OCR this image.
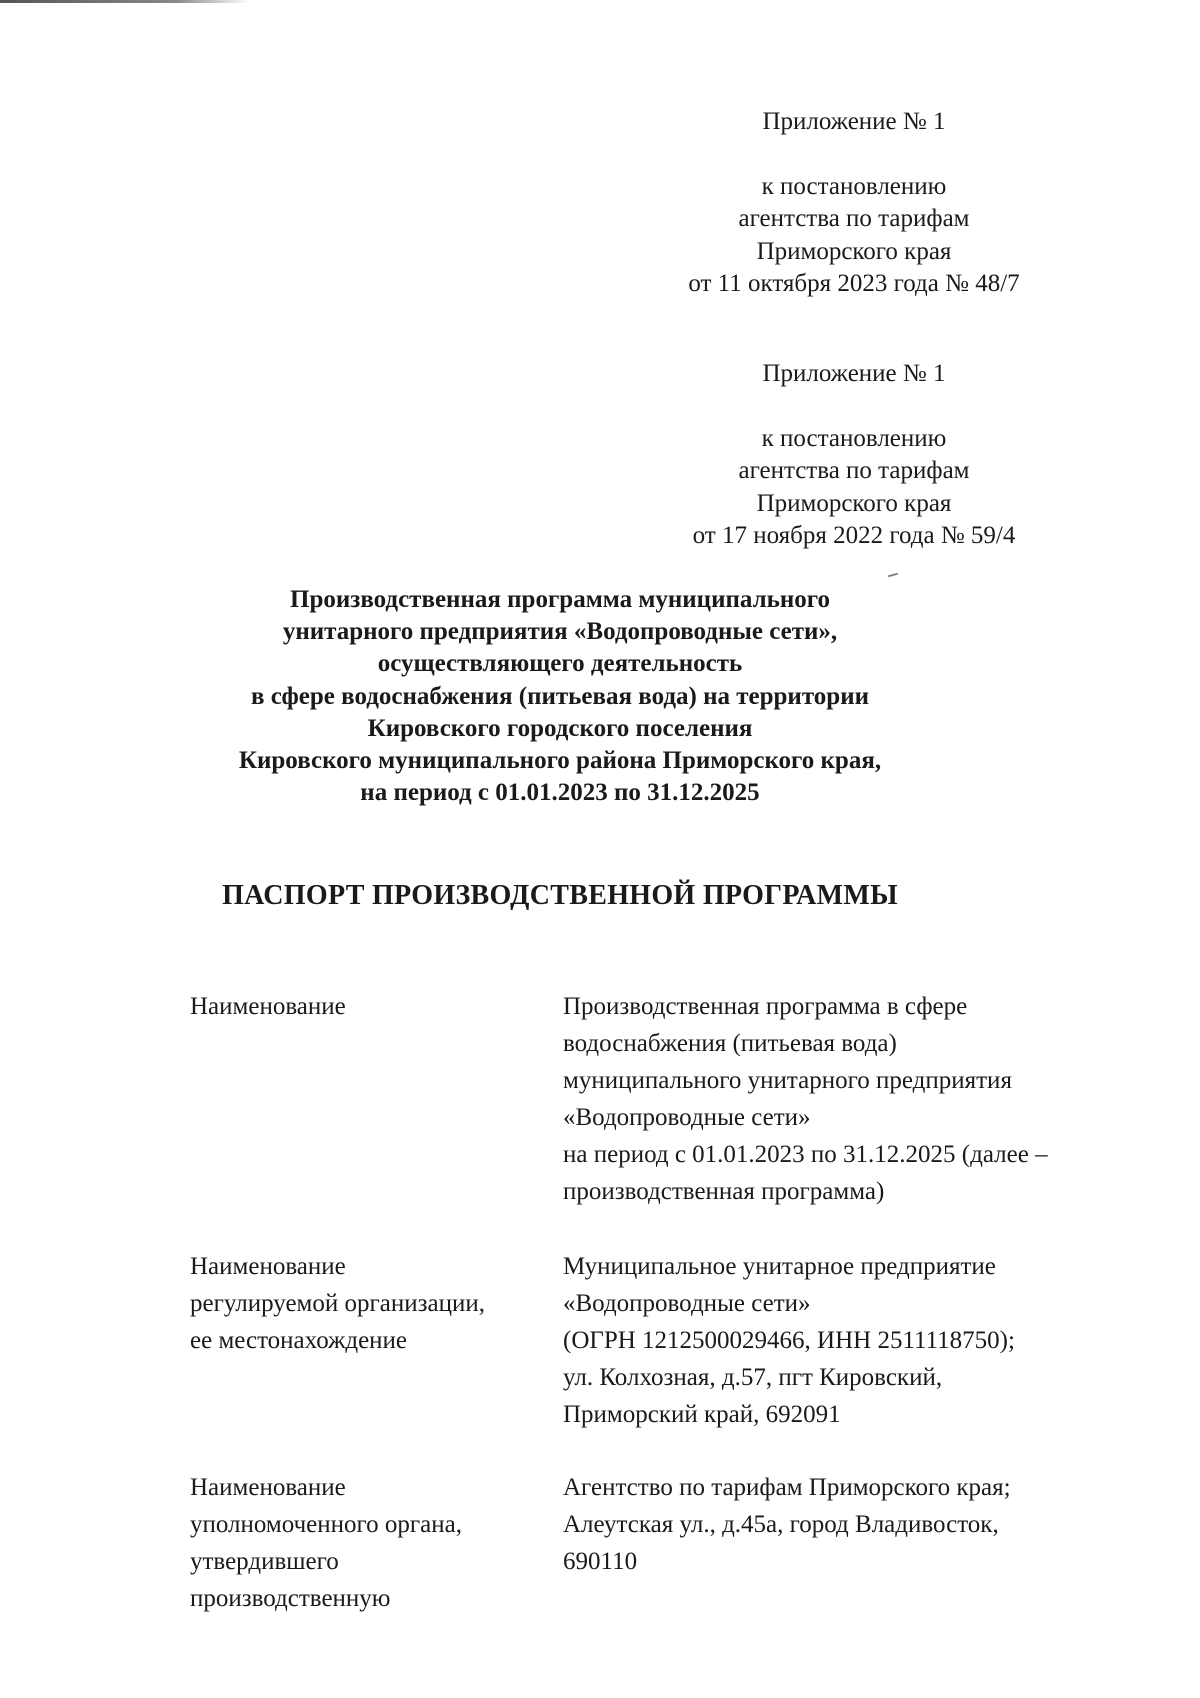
Приложение № 1
к постановлению
агентства по тарифам
Приморского края
от 11 октября 2023 года № 48/7
Приложение № 1
к постановлению
агентства по тарифам
Приморского края
от 17 ноября 2022 года № 59/4
Производственная программа муниципального
унитарного предприятия «Водопроводные сети»,
осуществляющего деятельность
в сфере водоснабжения (питьевая вода) на территории
Кировского городского поселения
Кировского муниципального района Приморского края,
на период с 01.01.2023 по 31.12.2025
ПАСПОРТ ПРОИЗВОДСТВЕННОЙ ПРОГРАММЫ
Наименование	Производственная программа в сфере
водоснабжения (питьевая вода)
муниципального унитарного предприятия
«Водопроводные сети»
на период с 01.01.2023 по 31.12.2025 (далее –
производственная программа)
Наименование
регулируемой организации,
ее местонахождение
Муниципальное унитарное предприятие
«Водопроводные сети»
(ОГРН 1212500029466, ИНН 2511118750);
ул. Колхозная, д.57, пгт Кировский,
Приморский край, 692091
Наименование
уполномоченного органа,
утвердившего
производственную
Агентство по тарифам Приморского края;
Алеутская ул., д.45а, город Владивосток,
690110
